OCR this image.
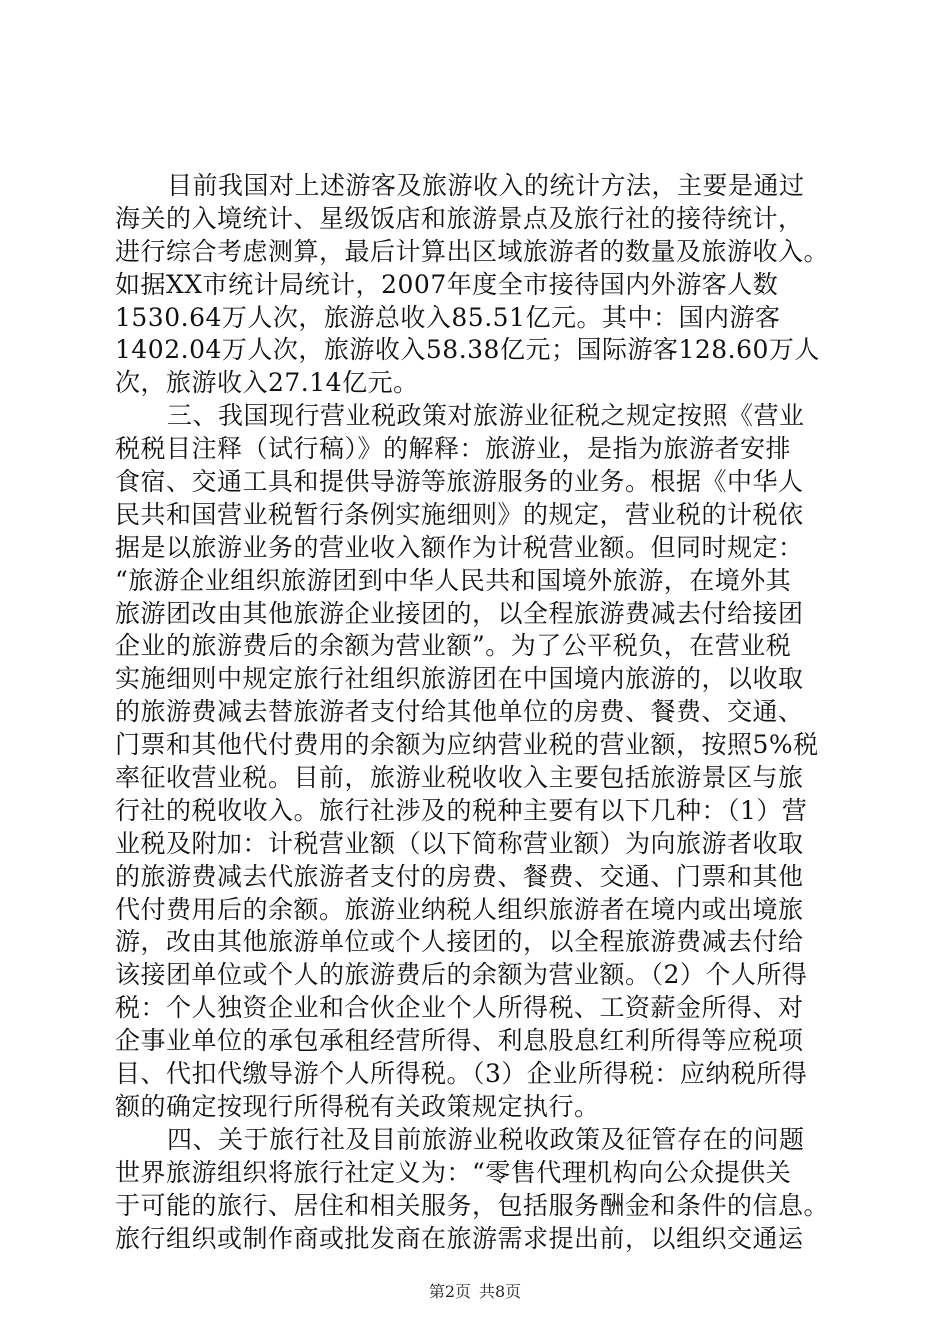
目前我国对上述游客及旅游收入的统计方法，主要是通过
海关的入境统计、星级饭店和旅游景点及旅行社的接待统计，
进行综合考虑测算，最后计算出区域旅游者的数量及旅游收入。
如据XX市统计局统计，2007年度全市接待国内外游客人数
1530.64万人次，旅游总收入85.51亿元。其中：国内游客
1402.04万人次，旅游收入58.38亿元；国际游客128.60万人
次，旅游收入27.14亿元。
三、我国现行营业税政策对旅游业征税之规定按照《营业
税税目注释（试行稿）》的解释：旅游业，是指为旅游者安排
食宿、交通工具和提供导游等旅游服务的业务。根据《中华人
民共和国营业税暂行条例实施细则》的规定，营业税的计税依
据是以旅游业务的营业收入额作为计税营业额。但同时规定：
“旅游企业组织旅游团到中华人民共和国境外旅游，在境外其
旅游团改由其他旅游企业接团的，以全程旅游费减去付给接团
企业的旅游费后的余额为营业额”。为了公平税负，在营业税
实施细则中规定旅行社组织旅游团在中国境内旅游的，以收取
的旅游费减去替旅游者支付给其他单位的房费、餐费、交通、
门票和其他代付费用的余额为应纳营业税的营业额，按照5%税
率征收营业税。目前，旅游业税收收入主要包括旅游景区与旅
行社的税收收入。旅行社涉及的税种主要有以下几种：（1）营
业税及附加：计税营业额（以下简称营业额）为向旅游者收取
的旅游费减去代旅游者支付的房费、餐费、交通、门票和其他
代付费用后的余额。旅游业纳税人组织旅游者在境内或出境旅
游，改由其他旅游单位或个人接团的，以全程旅游费减去付给
该接团单位或个人的旅游费后的余额为营业额。（2）个人所得
税：个人独资企业和合伙企业个人所得税、工资薪金所得、对
企事业单位的承包承租经营所得、利息股息红利所得等应税项
目、代扣代缴导游个人所得税。（3）企业所得税：应纳税所得
额的确定按现行所得税有关政策规定执行。
四、关于旅行社及目前旅游业税收政策及征管存在的问题
世界旅游组织将旅行社定义为：“零售代理机构向公众提供关
于可能的旅行、居住和相关服务，包括服务酬金和条件的信息。
旅行组织或制作商或批发商在旅游需求提出前，以组织交通运
第2页 共8页
